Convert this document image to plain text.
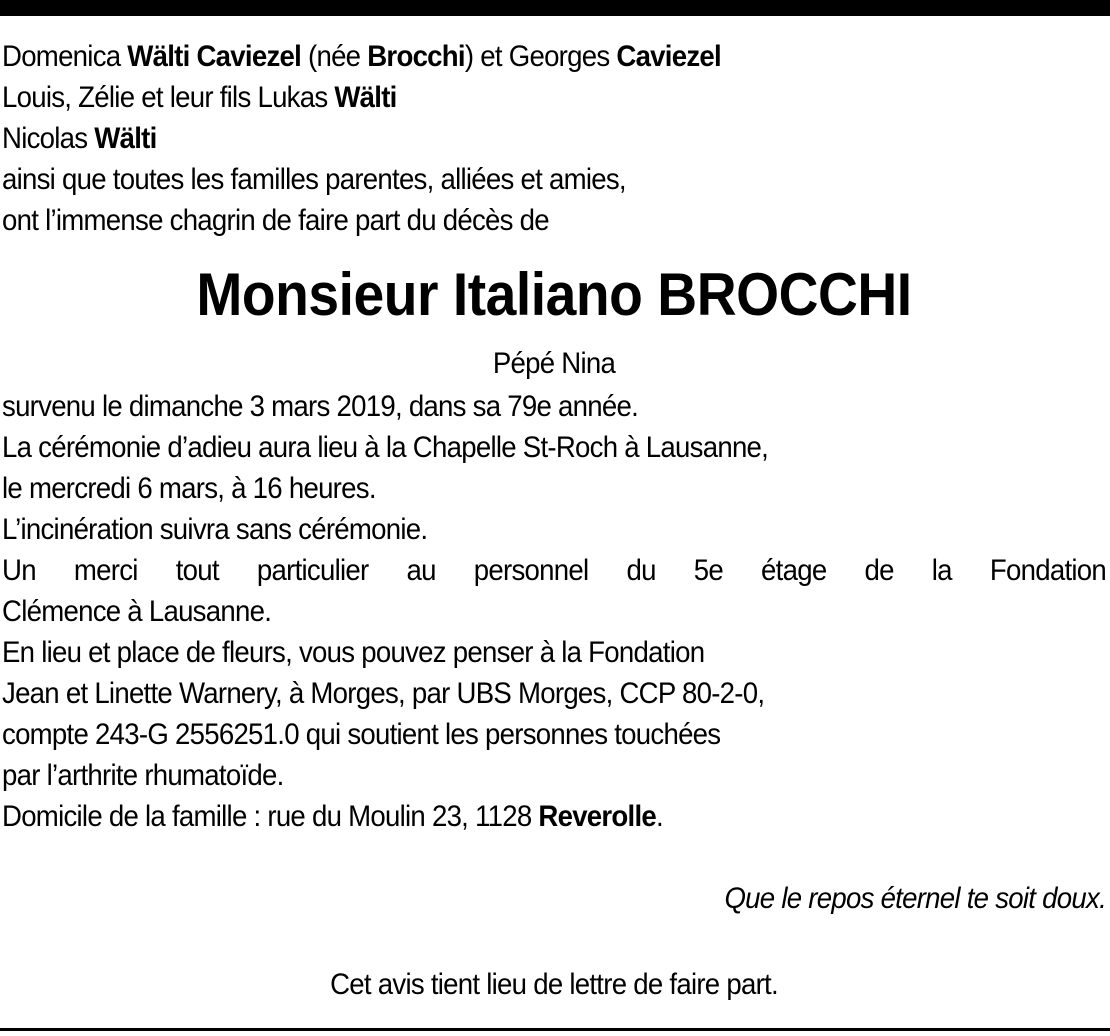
Domenica Wälti Caviezel (née Brocchi) et Georges Caviezel
Louis, Zélie et leur fils Lukas Wälti
Nicolas Wälti
ainsi que toutes les familles parentes, alliées et amies,
ont l’immense chagrin de faire part du décès de
Monsieur Italiano BROCCHI
Pépé Nina
survenu le dimanche 3 mars 2019, dans sa 79e année.
La cérémonie d’adieu aura lieu à la Chapelle St-Roch à Lausanne,
le mercredi 6 mars, à 16 heures.
L’incinération suivra sans cérémonie.
Un merci tout particulier au personnel du 5e étage de la Fondation
Clémence à Lausanne.
En lieu et place de fleurs, vous pouvez penser à la Fondation
Jean et Linette Warnery, à Morges, par UBS Morges, CCP 80-2-0,
compte 243-G 2556251.0 qui soutient les personnes touchées
par l’arthrite rhumatoïde.
Domicile de la famille : rue du Moulin 23, 1128 Reverolle.
Que le repos éternel te soit doux.
Cet avis tient lieu de lettre de faire part.
